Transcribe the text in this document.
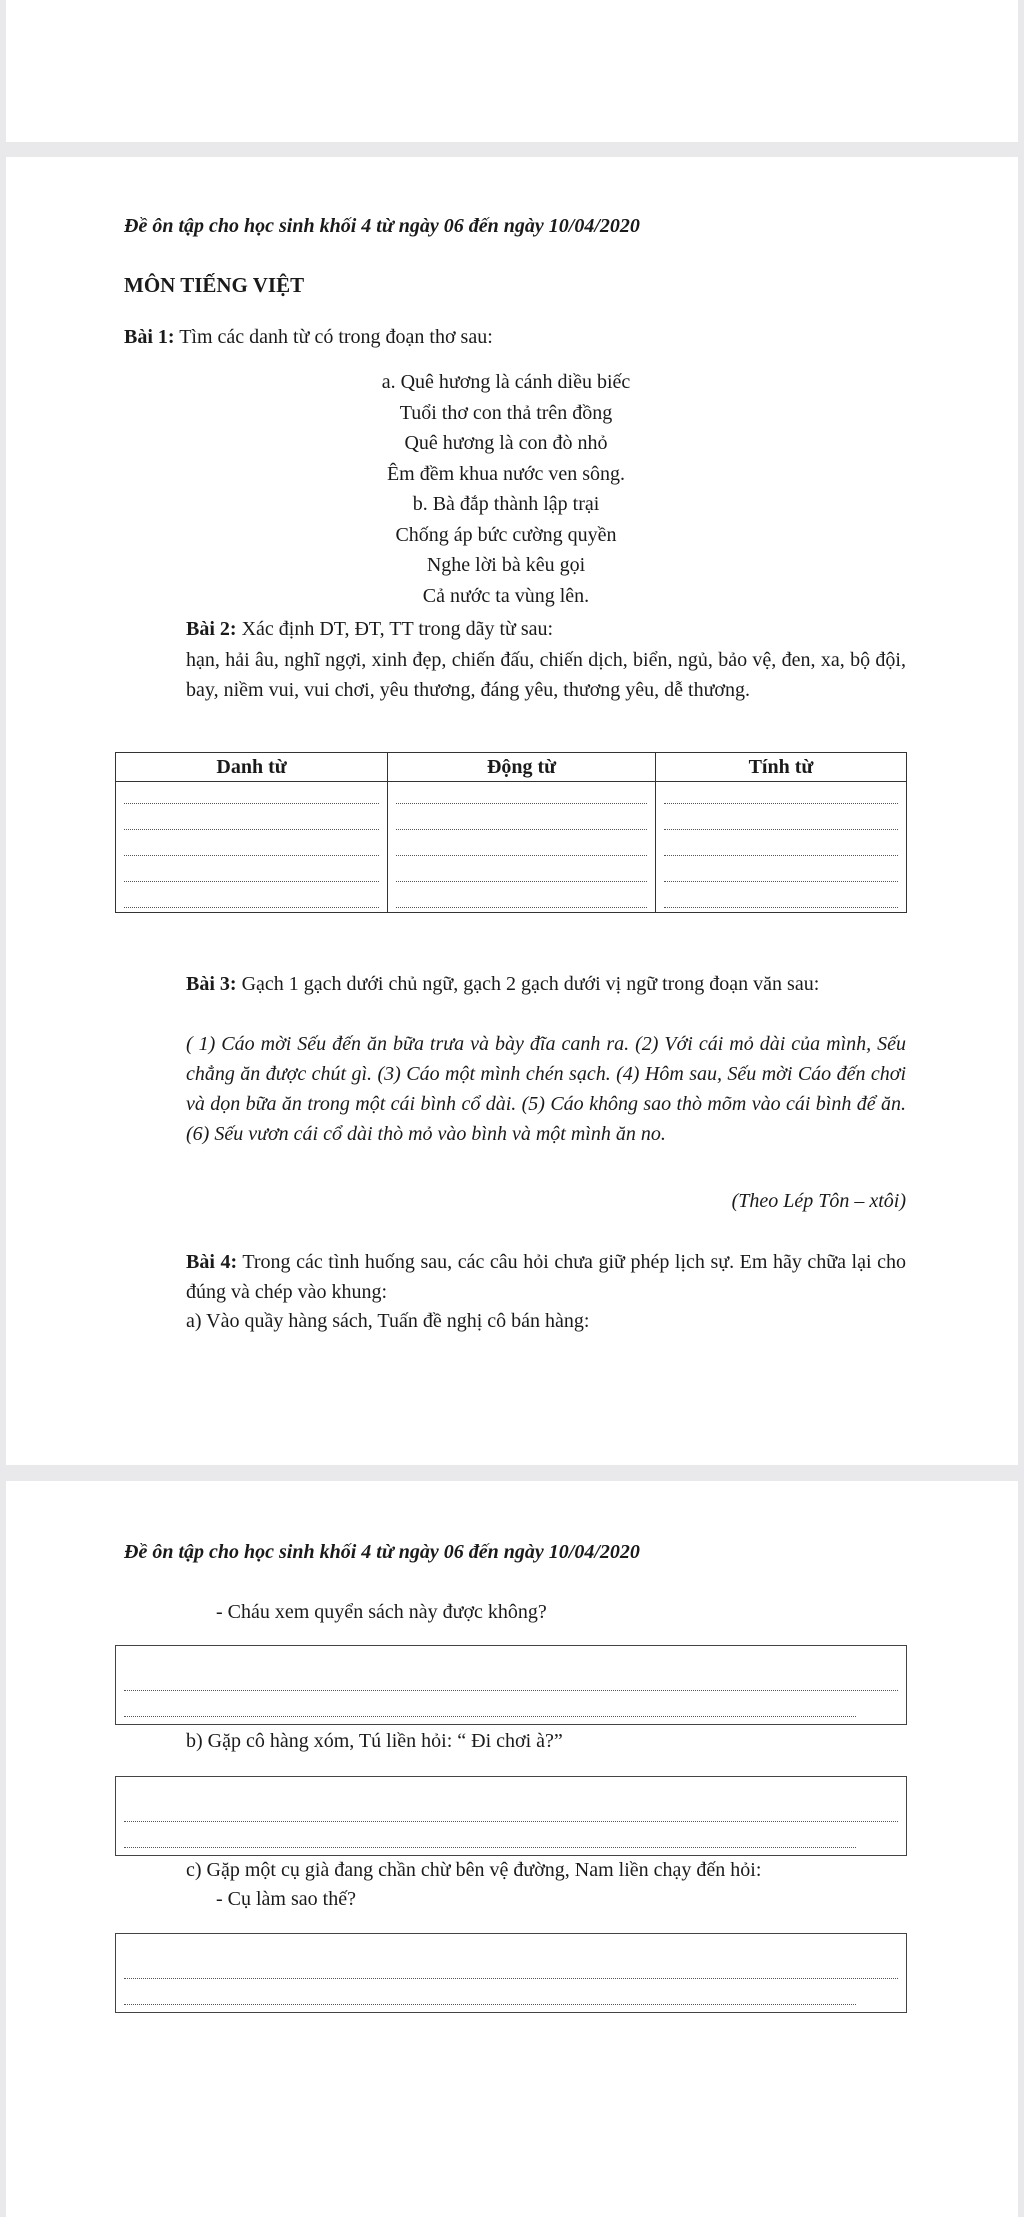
Đề ôn tập cho học sinh khối 4 từ ngày 06 đến ngày 10/04/2020
MÔN TIẾNG VIỆT
Bài 1: Tìm các danh từ có trong đoạn thơ sau:
a. Quê hương là cánh diều biếc
Tuổi thơ con thả trên đồng
Quê hương là con đò nhỏ
Êm đềm khua nước ven sông.
b. Bà đắp thành lập trại
Chống áp bức cường quyền
Nghe lời bà kêu gọi
Cả nước ta vùng lên.
Bài 2: Xác định DT, ĐT, TT trong dãy từ sau:
hạn, hải âu, nghĩ ngợi, xinh đẹp, chiến đấu, chiến dịch, biển, ngủ, bảo vệ, đen, xa, bộ đội, bay, niềm vui, vui chơi, yêu thương, đáng yêu, thương yêu, dễ thương.
Danh từ	Động từ	Tính từ

Bài 3: Gạch 1 gạch dưới chủ ngữ, gạch 2 gạch dưới vị ngữ trong đoạn văn sau:
( 1) Cáo mời Sếu đến ăn bữa trưa và bày đĩa canh ra. (2) Với cái mỏ dài của mình, Sếu chẳng ăn được chút gì. (3) Cáo một mình chén sạch. (4) Hôm sau, Sếu mời Cáo đến chơi và dọn bữa ăn trong một cái bình cổ dài. (5) Cáo không sao thò mõm vào cái bình để ăn. (6) Sếu vươn cái cổ dài thò mỏ vào bình và một mình ăn no.
(Theo Lép Tôn – xtôi)
Bài 4: Trong các tình huống sau, các câu hỏi chưa giữ phép lịch sự. Em hãy chữa lại cho đúng và chép vào khung:
a) Vào quầy hàng sách, Tuấn đề nghị cô bán hàng:
Đề ôn tập cho học sinh khối 4 từ ngày 06 đến ngày 10/04/2020
- Cháu xem quyển sách này được không?
b) Gặp cô hàng xóm, Tú liền hỏi: “ Đi chơi à?”
c) Gặp một cụ già đang chần chừ bên vệ đường, Nam liền chạy đến hỏi:
- Cụ làm sao thế?
